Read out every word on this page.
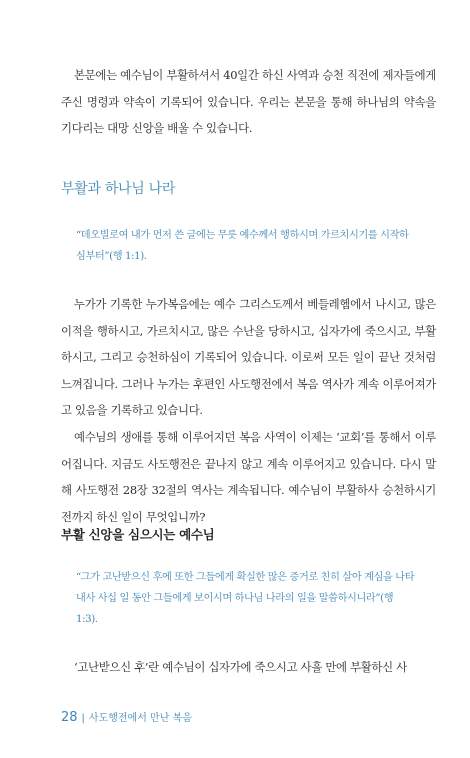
본문에는 예수님이 부활하셔서 40일간 하신 사역과 승천 직전에 제자들에게 주신 명령과 약속이 기록되어 있습니다. 우리는 본문을 통해 하나님의 약속을 기다리는 대망 신앙을 배울 수 있습니다.

부활과 하나님 나라

“데오빌로여 내가 먼저 쓴 글에는 무릇 예수께서 행하시며 가르치시기를 시작하심부터”(행 1:1).

누가가 기록한 누가복음에는 예수 그리스도께서 베들레헴에서 나시고, 많은 이적을 행하시고, 가르치시고, 많은 수난을 당하시고, 십자가에 죽으시고, 부활하시고, 그리고 승천하심이 기록되어 있습니다. 이로써 모든 일이 끝난 것처럼 느껴집니다. 그러나 누가는 후편인 사도행전에서 복음 역사가 계속 이루어져가고 있음을 기록하고 있습니다.

예수님의 생애를 통해 이루어지던 복음 사역이 이제는 ‘교회’를 통해서 이루어집니다. 지금도 사도행전은 끝나지 않고 계속 이루어지고 있습니다. 다시 말해 사도행전 28장 32절의 역사는 계속됩니다. 예수님이 부활하사 승천하시기 전까지 하신 일이 무엇입니까?

부활 신앙을 심으시는 예수님

“그가 고난받으신 후에 또한 그들에게 확실한 많은 증거로 친히 살아 계심을 나타내사 사십 일 동안 그들에게 보이시며 하나님 나라의 일을 말씀하시니라”(행 1:3).

‘고난받으신 후’란 예수님이 십자가에 죽으시고 사흘 만에 부활하신 사

28 | 사도행전에서 만난 복음
